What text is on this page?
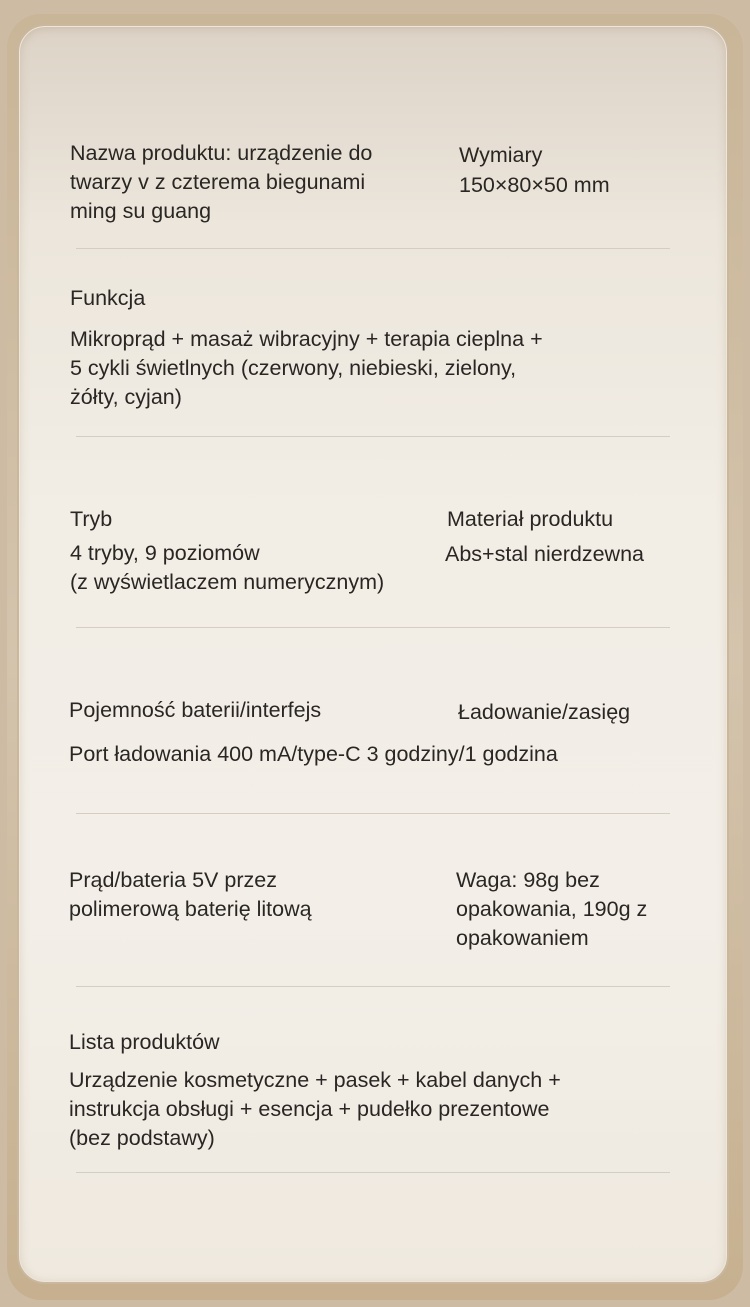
Nazwa produktu: urządzenie do
twarzy v z czterema biegunami
ming su guang
Wymiary
150×80×50 mm
Funkcja
Mikroprąd + masaż wibracyjny + terapia cieplna +
5 cykli świetlnych (czerwony, niebieski, zielony,
żółty, cyjan)
Tryb
4 tryby, 9 poziomów
(z wyświetlaczem numerycznym)
Materiał produktu
Abs+stal nierdzewna
Pojemność baterii/interfejs	Ładowanie/zasięg
Port ładowania 400 mA/type-C 3 godziny/1 godzina
Prąd/bateria 5V przez
polimerową baterię litową
Waga: 98g bez
opakowania, 190g z
opakowaniem
Lista produktów
Urządzenie kosmetyczne + pasek + kabel danych +
instrukcja obsługi + esencja + pudełko prezentowe
(bez podstawy)
